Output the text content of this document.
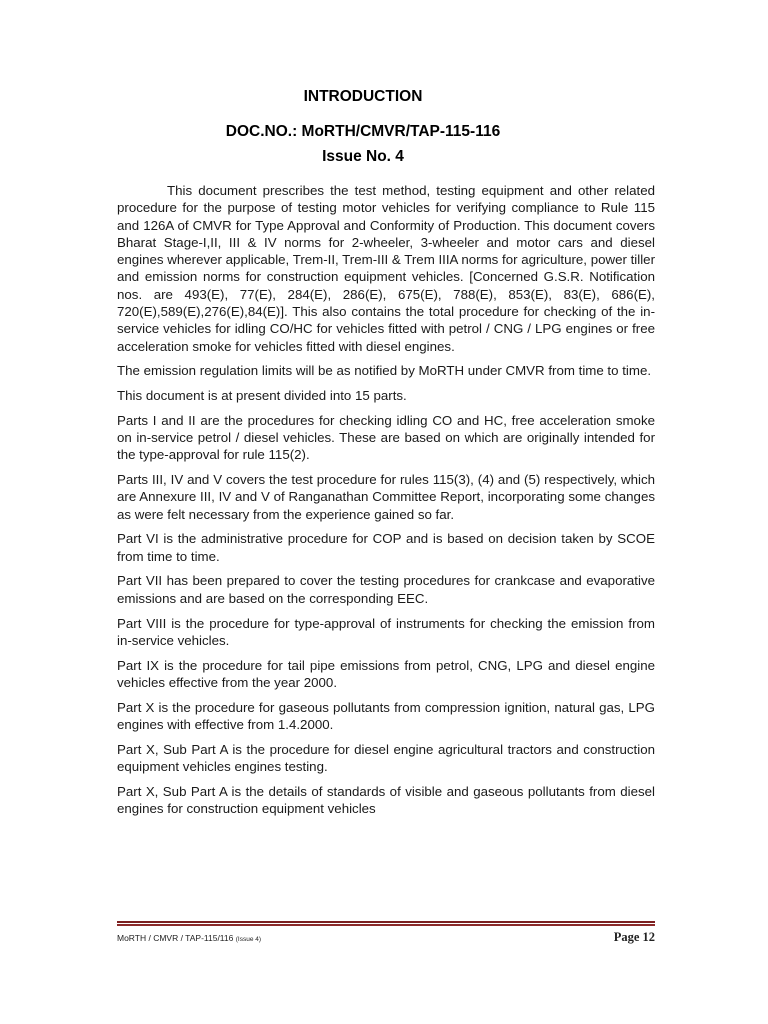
INTRODUCTION
DOC.NO.: MoRTH/CMVR/TAP-115-116
Issue No. 4

This document prescribes the test method, testing equipment and other related procedure for the purpose of testing motor vehicles for verifying compliance to Rule 115 and 126A of CMVR for Type Approval and Conformity of Production. This document covers Bharat Stage-I,II, III & IV norms for 2-wheeler, 3-wheeler and motor cars and diesel engines wherever applicable, Trem-II, Trem-III & Trem IIIA norms for agriculture, power tiller and emission norms for construction equipment vehicles. [Concerned G.S.R. Notification nos. are 493(E), 77(E), 284(E), 286(E), 675(E), 788(E), 853(E), 83(E), 686(E), 720(E),589(E),276(E),84(E)]. This also contains the total procedure for checking of the in-service vehicles for idling CO/HC for vehicles fitted with petrol / CNG / LPG engines or free acceleration smoke for vehicles fitted with diesel engines.

The emission regulation limits will be as notified by MoRTH under CMVR from time to time.

This document is at present divided into 15 parts.

Parts I and II are the procedures for checking idling CO and HC, free acceleration smoke on in-service petrol / diesel vehicles. These are based on which are originally intended for the type-approval for rule 115(2).

Parts III, IV and V covers the test procedure for rules 115(3), (4) and (5) respectively, which are Annexure III, IV and V of Ranganathan Committee Report, incorporating some changes as were felt necessary from the experience gained so far.

Part VI is the administrative procedure for COP and is based on decision taken by SCOE from time to time.

Part VII has been prepared to cover the testing procedures for crankcase and evaporative emissions and are based on the corresponding EEC.

Part VIII is the procedure for type-approval of instruments for checking the emission from in-service vehicles.

Part IX is the procedure for tail pipe emissions from petrol, CNG, LPG and diesel engine vehicles effective from the year 2000.

Part X is the procedure for gaseous pollutants from compression ignition, natural gas, LPG engines with effective from 1.4.2000.

Part X, Sub Part A is the procedure for diesel engine agricultural tractors and construction equipment vehicles engines testing.

Part X, Sub Part A is the details of standards of visible and gaseous pollutants from diesel engines for construction equipment vehicles

MoRTH / CMVR / TAP-115/116 (Issue 4)	Page 12
